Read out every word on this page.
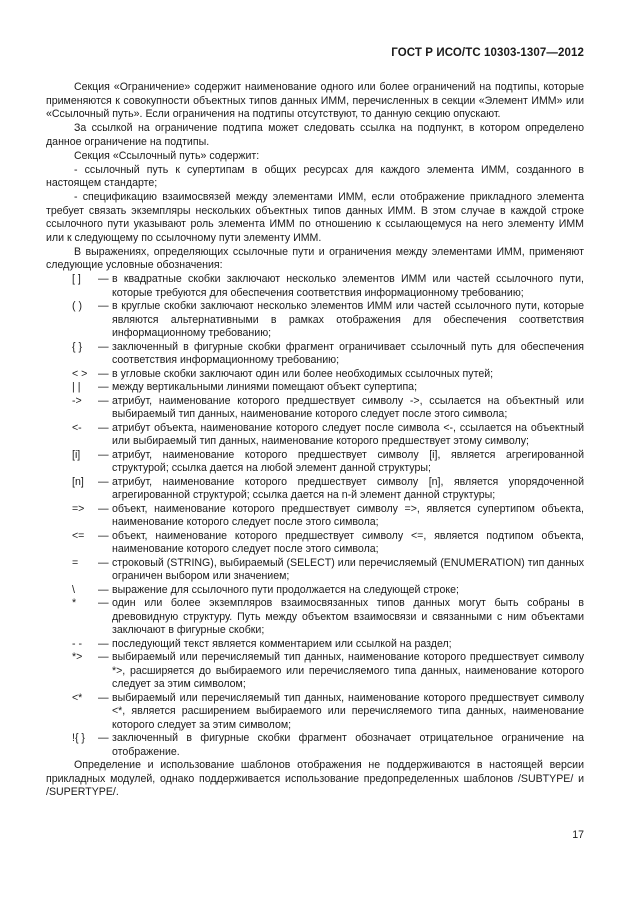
ГОСТ Р ИСО/ТС 10303-1307—2012

Секция «Ограничение» содержит наименование одного или более ограничений на подтипы, которые применяются к совокупности объектных типов данных ИММ, перечисленных в секции «Элемент ИММ» или «Ссылочный путь». Если ограничения на подтипы отсутствуют, то данную секцию опускают.

За ссылкой на ограничение подтипа может следовать ссылка на подпункт, в котором определено данное ограничение на подтипы.

Секция «Ссылочный путь» содержит:

- ссылочный путь к супертипам в общих ресурсах для каждого элемента ИММ, созданного в настоящем стандарте;

- спецификацию взаимосвязей между элементами ИММ, если отображение прикладного элемента требует связать экземпляры нескольких объектных типов данных ИММ. В этом случае в каждой строке ссылочного пути указывают роль элемента ИММ по отношению к ссылающемуся на него элементу ИММ или к следующему по ссылочному пути элементу ИММ.

В выражениях, определяющих ссылочные пути и ограничения между элементами ИММ, применяют следующие условные обозначения:

[ ]	— в квадратные скобки заключают несколько элементов ИММ или частей ссылочного пути, которые требуются для обеспечения соответствия информационному требованию;
( )	— в круглые скобки заключают несколько элементов ИММ или частей ссылочного пути, которые являются альтернативными в рамках отображения для обеспечения соответствия информационному требованию;
{ }	— заключенный в фигурные скобки фрагмент ограничивает ссылочный путь для обеспечения соответствия информационному требованию;
< >	— в угловые скобки заключают один или более необходимых ссылочных путей;
| |	— между вертикальными линиями помещают объект супертипа;
->	— атрибут, наименование которого предшествует символу ->, ссылается на объектный или выбираемый тип данных, наименование которого следует после этого символа;
<-	— атрибут объекта, наименование которого следует после символа <-, ссылается на объектный или выбираемый тип данных, наименование которого предшествует этому символу;
[i]	— атрибут, наименование которого предшествует символу [i], является агрегированной структурой; ссылка дается на любой элемент данной структуры;
[n]	— атрибут, наименование которого предшествует символу [n], является упорядоченной агрегированной структурой; ссылка дается на n-й элемент данной структуры;
=>	— объект, наименование которого предшествует символу =>, является супертипом объекта, наименование которого следует после этого символа;
<=	— объект, наименование которого предшествует символу <=, является подтипом объекта, наименование которого следует после этого символа;
=	— строковый (STRING), выбираемый (SELECT) или перечисляемый (ENUMERATION) тип данных ограничен выбором или значением;
\	— выражение для ссылочного пути продолжается на следующей строке;
*	— один или более экземпляров взаимосвязанных типов данных могут быть собраны в древовидную структуру. Путь между объектом взаимосвязи и связанными с ним объектами заключают в фигурные скобки;
- -	— последующий текст является комментарием или ссылкой на раздел;
*>	— выбираемый или перечисляемый тип данных, наименование которого предшествует символу *>, расширяется до выбираемого или перечисляемого типа данных, наименование которого следует за этим символом;
<*	— выбираемый или перечисляемый тип данных, наименование которого предшествует символу <*, является расширением выбираемого или перечисляемого типа данных, наименование которого следует за этим символом;
!{ }	— заключенный в фигурные скобки фрагмент обозначает отрицательное ограничение на отображение.

Определение и использование шаблонов отображения не поддерживаются в настоящей версии прикладных модулей, однако поддерживается использование предопределенных шаблонов /SUBTYPE/ и /SUPERTYPE/.

17
